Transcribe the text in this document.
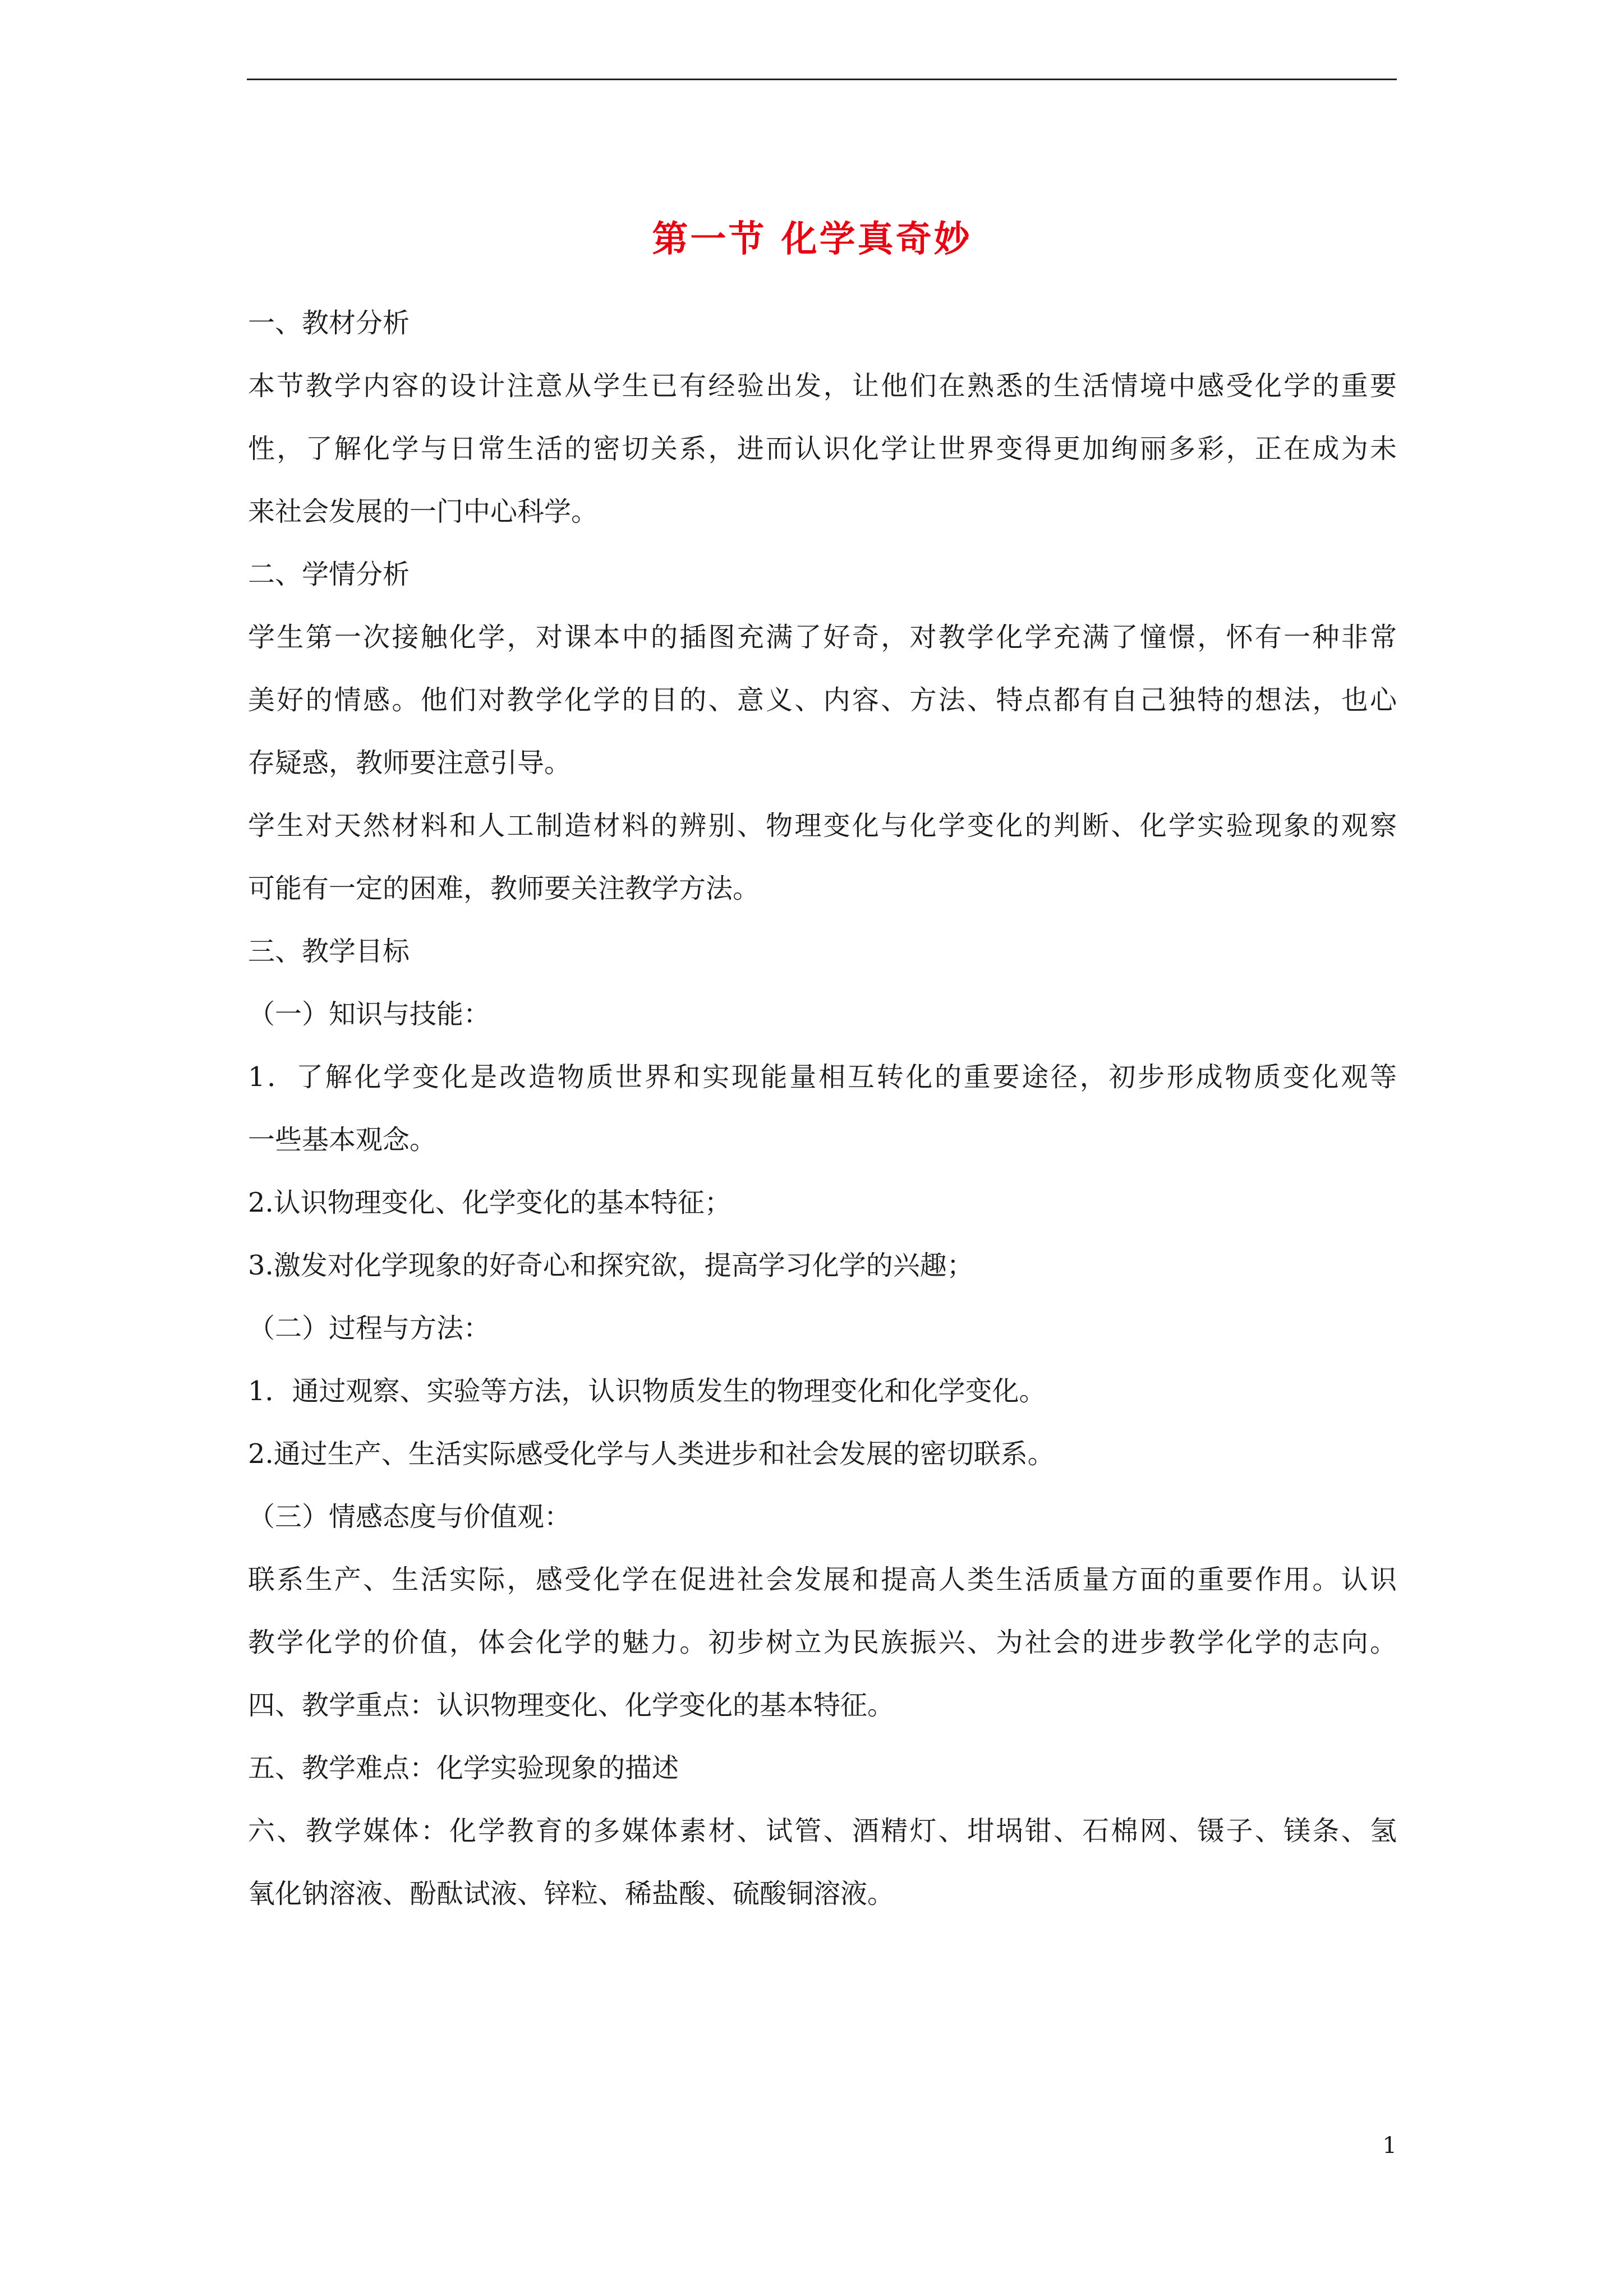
第一节 化学真奇妙
一、教材分析
本节教学内容的设计注意从学生已有经验出发，让他们在熟悉的生活情境中感受化学的重要
性，了解化学与日常生活的密切关系，进而认识化学让世界变得更加绚丽多彩，正在成为未
来社会发展的一门中心科学。
二、学情分析
学生第一次接触化学，对课本中的插图充满了好奇，对教学化学充满了憧憬，怀有一种非常
美好的情感。他们对教学化学的目的、意义、内容、方法、特点都有自己独特的想法，也心
存疑惑，教师要注意引导。
学生对天然材料和人工制造材料的辨别、物理变化与化学变化的判断、化学实验现象的观察
可能有一定的困难，教师要关注教学方法。
三、教学目标
（一）知识与技能：
1．了解化学变化是改造物质世界和实现能量相互转化的重要途径，初步形成物质变化观等
一些基本观念。
2.认识物理变化、化学变化的基本特征；
3.激发对化学现象的好奇心和探究欲，提高学习化学的兴趣；
（二）过程与方法：
1．通过观察、实验等方法，认识物质发生的物理变化和化学变化。
2.通过生产、生活实际感受化学与人类进步和社会发展的密切联系。
（三）情感态度与价值观：
联系生产、生活实际，感受化学在促进社会发展和提高人类生活质量方面的重要作用。认识
教学化学的价值，体会化学的魅力。初步树立为民族振兴、为社会的进步教学化学的志向。
四、教学重点：认识物理变化、化学变化的基本特征。
五、教学难点：化学实验现象的描述
六、教学媒体：化学教育的多媒体素材、试管、酒精灯、坩埚钳、石棉网、镊子、镁条、氢
氧化钠溶液、酚酞试液、锌粒、稀盐酸、硫酸铜溶液。
1
